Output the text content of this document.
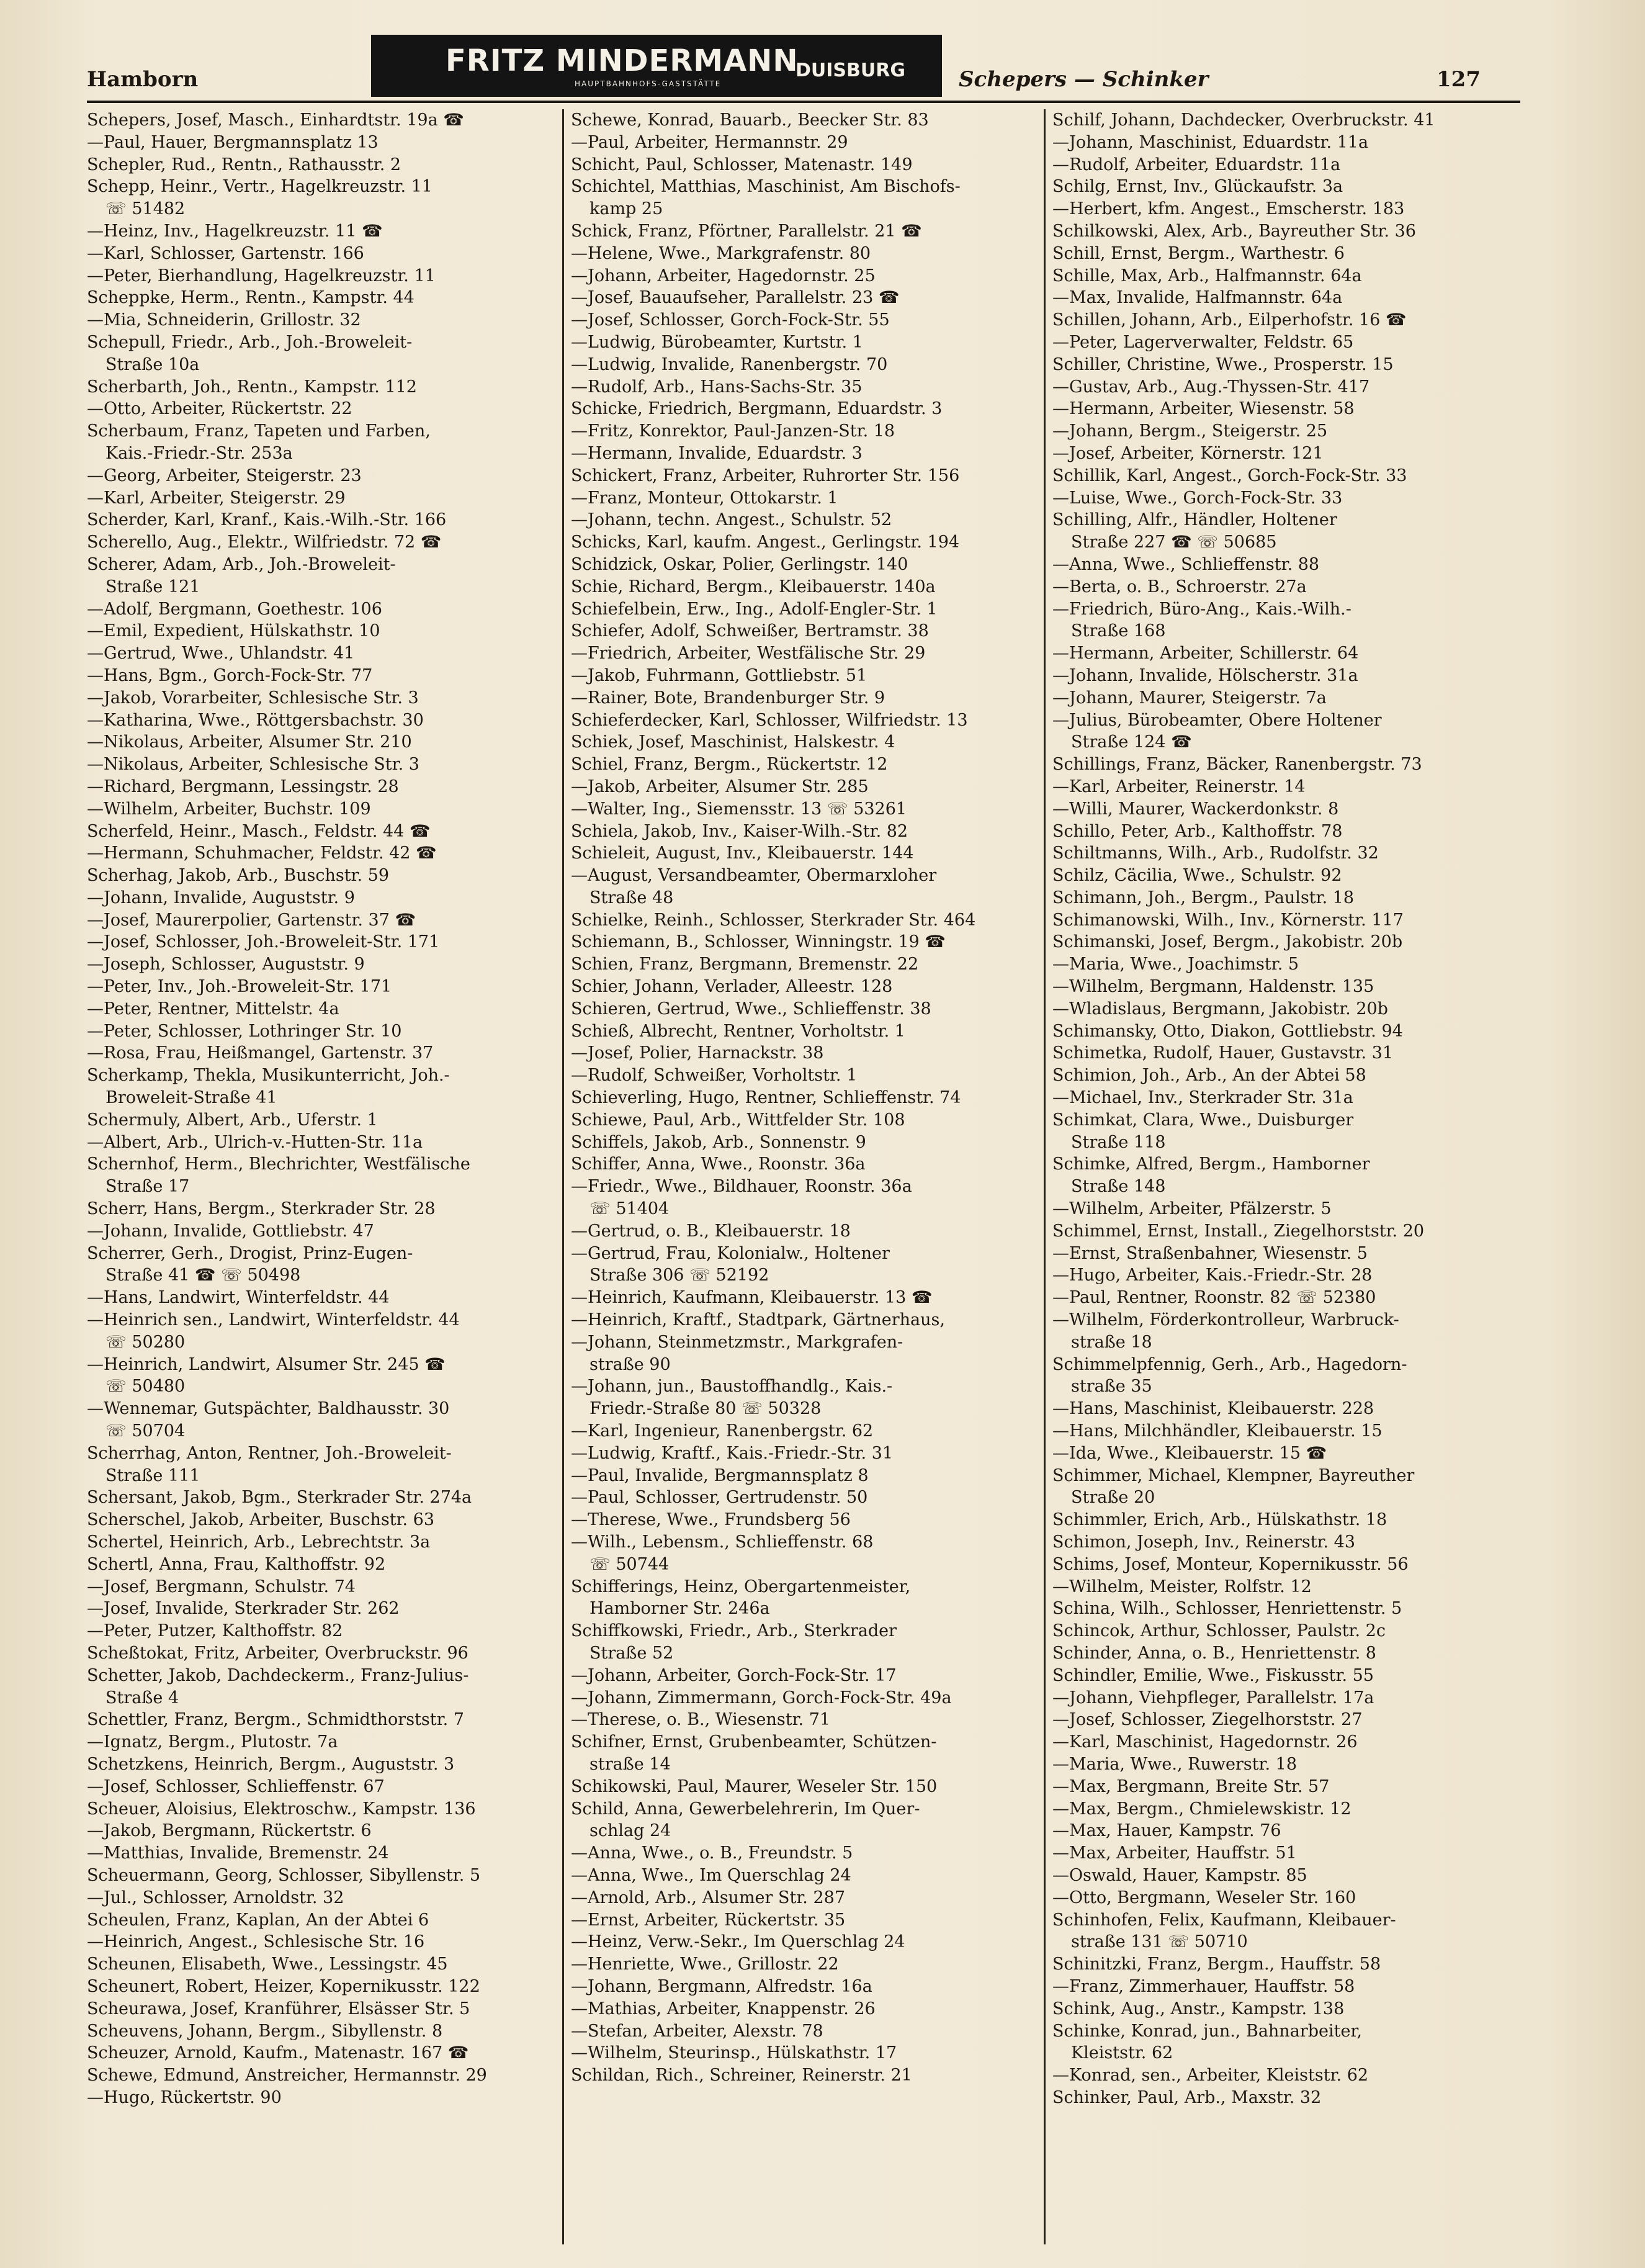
Hamborn
FRITZ MINDERMANN
HAUPTBAHNHOFS-GASTSTÄTTE
DUISBURG	Schepers — Schinker	127
Schepers, Josef, Masch., Einhardtstr. 19a ☎
—Paul, Hauer, Bergmannsplatz 13
Schepler, Rud., Rentn., Rathausstr. 2
Schepp, Heinr., Vertr., Hagelkreuzstr. 11
☏ 51482
—Heinz, Inv., Hagelkreuzstr. 11 ☎
—Karl, Schlosser, Gartenstr. 166
—Peter, Bierhandlung, Hagelkreuzstr. 11
Scheppke, Herm., Rentn., Kampstr. 44
—Mia, Schneiderin, Grillostr. 32
Schepull, Friedr., Arb., Joh.-Broweleit-
Straße 10a
Scherbarth, Joh., Rentn., Kampstr. 112
—Otto, Arbeiter, Rückertstr. 22
Scherbaum, Franz, Tapeten und Farben,
Kais.-Friedr.-Str. 253a
—Georg, Arbeiter, Steigerstr. 23
—Karl, Arbeiter, Steigerstr. 29
Scherder, Karl, Kranf., Kais.-Wilh.-Str. 166
Scherello, Aug., Elektr., Wilfriedstr. 72 ☎
Scherer, Adam, Arb., Joh.-Broweleit-
Straße 121
—Adolf, Bergmann, Goethestr. 106
—Emil, Expedient, Hülskathstr. 10
—Gertrud, Wwe., Uhlandstr. 41
—Hans, Bgm., Gorch-Fock-Str. 77
—Jakob, Vorarbeiter, Schlesische Str. 3
—Katharina, Wwe., Röttgersbachstr. 30
—Nikolaus, Arbeiter, Alsumer Str. 210
—Nikolaus, Arbeiter, Schlesische Str. 3
—Richard, Bergmann, Lessingstr. 28
—Wilhelm, Arbeiter, Buchstr. 109
Scherfeld, Heinr., Masch., Feldstr. 44 ☎
—Hermann, Schuhmacher, Feldstr. 42 ☎
Scherhag, Jakob, Arb., Buschstr. 59
—Johann, Invalide, Auguststr. 9
—Josef, Maurerpolier, Gartenstr. 37 ☎
—Josef, Schlosser, Joh.-Broweleit-Str. 171
—Joseph, Schlosser, Auguststr. 9
—Peter, Inv., Joh.-Broweleit-Str. 171
—Peter, Rentner, Mittelstr. 4a
—Peter, Schlosser, Lothringer Str. 10
—Rosa, Frau, Heißmangel, Gartenstr. 37
Scherkamp, Thekla, Musikunterricht, Joh.-
Broweleit-Straße 41
Schermuly, Albert, Arb., Uferstr. 1
—Albert, Arb., Ulrich-v.-Hutten-Str. 11a
Schernhof, Herm., Blechrichter, Westfälische
Straße 17
Scherr, Hans, Bergm., Sterkrader Str. 28
—Johann, Invalide, Gottliebstr. 47
Scherrer, Gerh., Drogist, Prinz-Eugen-
Straße 41 ☎ ☏ 50498
—Hans, Landwirt, Winterfeldstr. 44
—Heinrich sen., Landwirt, Winterfeldstr. 44
☏ 50280
—Heinrich, Landwirt, Alsumer Str. 245 ☎
☏ 50480
—Wennemar, Gutspächter, Baldhausstr. 30
☏ 50704
Scherrhag, Anton, Rentner, Joh.-Broweleit-
Straße 111
Schersant, Jakob, Bgm., Sterkrader Str. 274a
Scherschel, Jakob, Arbeiter, Buschstr. 63
Schertel, Heinrich, Arb., Lebrechtstr. 3a
Schertl, Anna, Frau, Kalthoffstr. 92
—Josef, Bergmann, Schulstr. 74
—Josef, Invalide, Sterkrader Str. 262
—Peter, Putzer, Kalthoffstr. 82
Scheßtokat, Fritz, Arbeiter, Overbruckstr. 96
Schetter, Jakob, Dachdeckerm., Franz-Julius-
Straße 4
Schettler, Franz, Bergm., Schmidthorststr. 7
—Ignatz, Bergm., Plutostr. 7a
Schetzkens, Heinrich, Bergm., Auguststr. 3
—Josef, Schlosser, Schlieffenstr. 67
Scheuer, Aloisius, Elektroschw., Kampstr. 136
—Jakob, Bergmann, Rückertstr. 6
—Matthias, Invalide, Bremenstr. 24
Scheuermann, Georg, Schlosser, Sibyllenstr. 5
—Jul., Schlosser, Arnoldstr. 32
Scheulen, Franz, Kaplan, An der Abtei 6
—Heinrich, Angest., Schlesische Str. 16
Scheunen, Elisabeth, Wwe., Lessingstr. 45
Scheunert, Robert, Heizer, Kopernikusstr. 122
Scheurawa, Josef, Kranführer, Elsässer Str. 5
Scheuvens, Johann, Bergm., Sibyllenstr. 8
Scheuzer, Arnold, Kaufm., Matenastr. 167 ☎
Schewe, Edmund, Anstreicher, Hermannstr. 29
—Hugo, Rückertstr. 90
Schewe, Konrad, Bauarb., Beecker Str. 83
—Paul, Arbeiter, Hermannstr. 29
Schicht, Paul, Schlosser, Matenastr. 149
Schichtel, Matthias, Maschinist, Am Bischofs-
kamp 25
Schick, Franz, Pförtner, Parallelstr. 21 ☎
—Helene, Wwe., Markgrafenstr. 80
—Johann, Arbeiter, Hagedornstr. 25
—Josef, Bauaufseher, Parallelstr. 23 ☎
—Josef, Schlosser, Gorch-Fock-Str. 55
—Ludwig, Bürobeamter, Kurtstr. 1
—Ludwig, Invalide, Ranenbergstr. 70
—Rudolf, Arb., Hans-Sachs-Str. 35
Schicke, Friedrich, Bergmann, Eduardstr. 3
—Fritz, Konrektor, Paul-Janzen-Str. 18
—Hermann, Invalide, Eduardstr. 3
Schickert, Franz, Arbeiter, Ruhrorter Str. 156
—Franz, Monteur, Ottokarstr. 1
—Johann, techn. Angest., Schulstr. 52
Schicks, Karl, kaufm. Angest., Gerlingstr. 194
Schidzick, Oskar, Polier, Gerlingstr. 140
Schie, Richard, Bergm., Kleibauerstr. 140a
Schiefelbein, Erw., Ing., Adolf-Engler-Str. 1
Schiefer, Adolf, Schweißer, Bertramstr. 38
—Friedrich, Arbeiter, Westfälische Str. 29
—Jakob, Fuhrmann, Gottliebstr. 51
—Rainer, Bote, Brandenburger Str. 9
Schieferdecker, Karl, Schlosser, Wilfriedstr. 13
Schiek, Josef, Maschinist, Halskestr. 4
Schiel, Franz, Bergm., Rückertstr. 12
—Jakob, Arbeiter, Alsumer Str. 285
—Walter, Ing., Siemensstr. 13 ☏ 53261
Schiela, Jakob, Inv., Kaiser-Wilh.-Str. 82
Schieleit, August, Inv., Kleibauerstr. 144
—August, Versandbeamter, Obermarxloher
Straße 48
Schielke, Reinh., Schlosser, Sterkrader Str. 464
Schiemann, B., Schlosser, Winningstr. 19 ☎
Schien, Franz, Bergmann, Bremenstr. 22
Schier, Johann, Verlader, Alleestr. 128
Schieren, Gertrud, Wwe., Schlieffenstr. 38
Schieß, Albrecht, Rentner, Vorholtstr. 1
—Josef, Polier, Harnackstr. 38
—Rudolf, Schweißer, Vorholtstr. 1
Schieverling, Hugo, Rentner, Schlieffenstr. 74
Schiewe, Paul, Arb., Wittfelder Str. 108
Schiffels, Jakob, Arb., Sonnenstr. 9
Schiffer, Anna, Wwe., Roonstr. 36a
—Friedr., Wwe., Bildhauer, Roonstr. 36a
☏ 51404
—Gertrud, o. B., Kleibauerstr. 18
—Gertrud, Frau, Kolonialw., Holtener
Straße 306 ☏ 52192
—Heinrich, Kaufmann, Kleibauerstr. 13 ☎
—Heinrich, Kraftf., Stadtpark, Gärtnerhaus,
—Johann, Steinmetzmstr., Markgrafen-
straße 90
—Johann, jun., Baustoffhandlg., Kais.-
Friedr.-Straße 80 ☏ 50328
—Karl, Ingenieur, Ranenbergstr. 62
—Ludwig, Kraftf., Kais.-Friedr.-Str. 31
—Paul, Invalide, Bergmannsplatz 8
—Paul, Schlosser, Gertrudenstr. 50
—Therese, Wwe., Frundsberg 56
—Wilh., Lebensm., Schlieffenstr. 68
☏ 50744
Schifferings, Heinz, Obergartenmeister,
Hamborner Str. 246a
Schiffkowski, Friedr., Arb., Sterkrader
Straße 52
—Johann, Arbeiter, Gorch-Fock-Str. 17
—Johann, Zimmermann, Gorch-Fock-Str. 49a
—Therese, o. B., Wiesenstr. 71
Schifner, Ernst, Grubenbeamter, Schützen-
straße 14
Schikowski, Paul, Maurer, Weseler Str. 150
Schild, Anna, Gewerbelehrerin, Im Quer-
schlag 24
—Anna, Wwe., o. B., Freundstr. 5
—Anna, Wwe., Im Querschlag 24
—Arnold, Arb., Alsumer Str. 287
—Ernst, Arbeiter, Rückertstr. 35
—Heinz, Verw.-Sekr., Im Querschlag 24
—Henriette, Wwe., Grillostr. 22
—Johann, Bergmann, Alfredstr. 16a
—Mathias, Arbeiter, Knappenstr. 26
—Stefan, Arbeiter, Alexstr. 78
—Wilhelm, Steurinsp., Hülskathstr. 17
Schildan, Rich., Schreiner, Reinerstr. 21
Schilf, Johann, Dachdecker, Overbruckstr. 41
—Johann, Maschinist, Eduardstr. 11a
—Rudolf, Arbeiter, Eduardstr. 11a
Schilg, Ernst, Inv., Glückaufstr. 3a
—Herbert, kfm. Angest., Emscherstr. 183
Schilkowski, Alex, Arb., Bayreuther Str. 36
Schill, Ernst, Bergm., Warthestr. 6
Schille, Max, Arb., Halfmannstr. 64a
—Max, Invalide, Halfmannstr. 64a
Schillen, Johann, Arb., Eilperhofstr. 16 ☎
—Peter, Lagerverwalter, Feldstr. 65
Schiller, Christine, Wwe., Prosperstr. 15
—Gustav, Arb., Aug.-Thyssen-Str. 417
—Hermann, Arbeiter, Wiesenstr. 58
—Johann, Bergm., Steigerstr. 25
—Josef, Arbeiter, Körnerstr. 121
Schillik, Karl, Angest., Gorch-Fock-Str. 33
—Luise, Wwe., Gorch-Fock-Str. 33
Schilling, Alfr., Händler, Holtener
Straße 227 ☎ ☏ 50685
—Anna, Wwe., Schlieffenstr. 88
—Berta, o. B., Schroerstr. 27a
—Friedrich, Büro-Ang., Kais.-Wilh.-
Straße 168
—Hermann, Arbeiter, Schillerstr. 64
—Johann, Invalide, Hölscherstr. 31a
—Johann, Maurer, Steigerstr. 7a
—Julius, Bürobeamter, Obere Holtener
Straße 124 ☎
Schillings, Franz, Bäcker, Ranenbergstr. 73
—Karl, Arbeiter, Reinerstr. 14
—Willi, Maurer, Wackerdonkstr. 8
Schillo, Peter, Arb., Kalthoffstr. 78
Schiltmanns, Wilh., Arb., Rudolfstr. 32
Schilz, Cäcilia, Wwe., Schulstr. 92
Schimann, Joh., Bergm., Paulstr. 18
Schimanowski, Wilh., Inv., Körnerstr. 117
Schimanski, Josef, Bergm., Jakobistr. 20b
—Maria, Wwe., Joachimstr. 5
—Wilhelm, Bergmann, Haldenstr. 135
—Wladislaus, Bergmann, Jakobistr. 20b
Schimansky, Otto, Diakon, Gottliebstr. 94
Schimetka, Rudolf, Hauer, Gustavstr. 31
Schimion, Joh., Arb., An der Abtei 58
—Michael, Inv., Sterkrader Str. 31a
Schimkat, Clara, Wwe., Duisburger
Straße 118
Schimke, Alfred, Bergm., Hamborner
Straße 148
—Wilhelm, Arbeiter, Pfälzerstr. 5
Schimmel, Ernst, Install., Ziegelhorststr. 20
—Ernst, Straßenbahner, Wiesenstr. 5
—Hugo, Arbeiter, Kais.-Friedr.-Str. 28
—Paul, Rentner, Roonstr. 82 ☏ 52380
—Wilhelm, Förderkontrolleur, Warbruck-
straße 18
Schimmelpfennig, Gerh., Arb., Hagedorn-
straße 35
—Hans, Maschinist, Kleibauerstr. 228
—Hans, Milchhändler, Kleibauerstr. 15
—Ida, Wwe., Kleibauerstr. 15 ☎
Schimmer, Michael, Klempner, Bayreuther
Straße 20
Schimmler, Erich, Arb., Hülskathstr. 18
Schimon, Joseph, Inv., Reinerstr. 43
Schims, Josef, Monteur, Kopernikusstr. 56
—Wilhelm, Meister, Rolfstr. 12
Schina, Wilh., Schlosser, Henriettenstr. 5
Schincok, Arthur, Schlosser, Paulstr. 2c
Schinder, Anna, o. B., Henriettenstr. 8
Schindler, Emilie, Wwe., Fiskusstr. 55
—Johann, Viehpfleger, Parallelstr. 17a
—Josef, Schlosser, Ziegelhorststr. 27
—Karl, Maschinist, Hagedornstr. 26
—Maria, Wwe., Ruwerstr. 18
—Max, Bergmann, Breite Str. 57
—Max, Bergm., Chmielewskistr. 12
—Max, Hauer, Kampstr. 76
—Max, Arbeiter, Hauffstr. 51
—Oswald, Hauer, Kampstr. 85
—Otto, Bergmann, Weseler Str. 160
Schinhofen, Felix, Kaufmann, Kleibauer-
straße 131 ☏ 50710
Schinitzki, Franz, Bergm., Hauffstr. 58
—Franz, Zimmerhauer, Hauffstr. 58
Schink, Aug., Anstr., Kampstr. 138
Schinke, Konrad, jun., Bahnarbeiter,
Kleiststr. 62
—Konrad, sen., Arbeiter, Kleiststr. 62
Schinker, Paul, Arb., Maxstr. 32
